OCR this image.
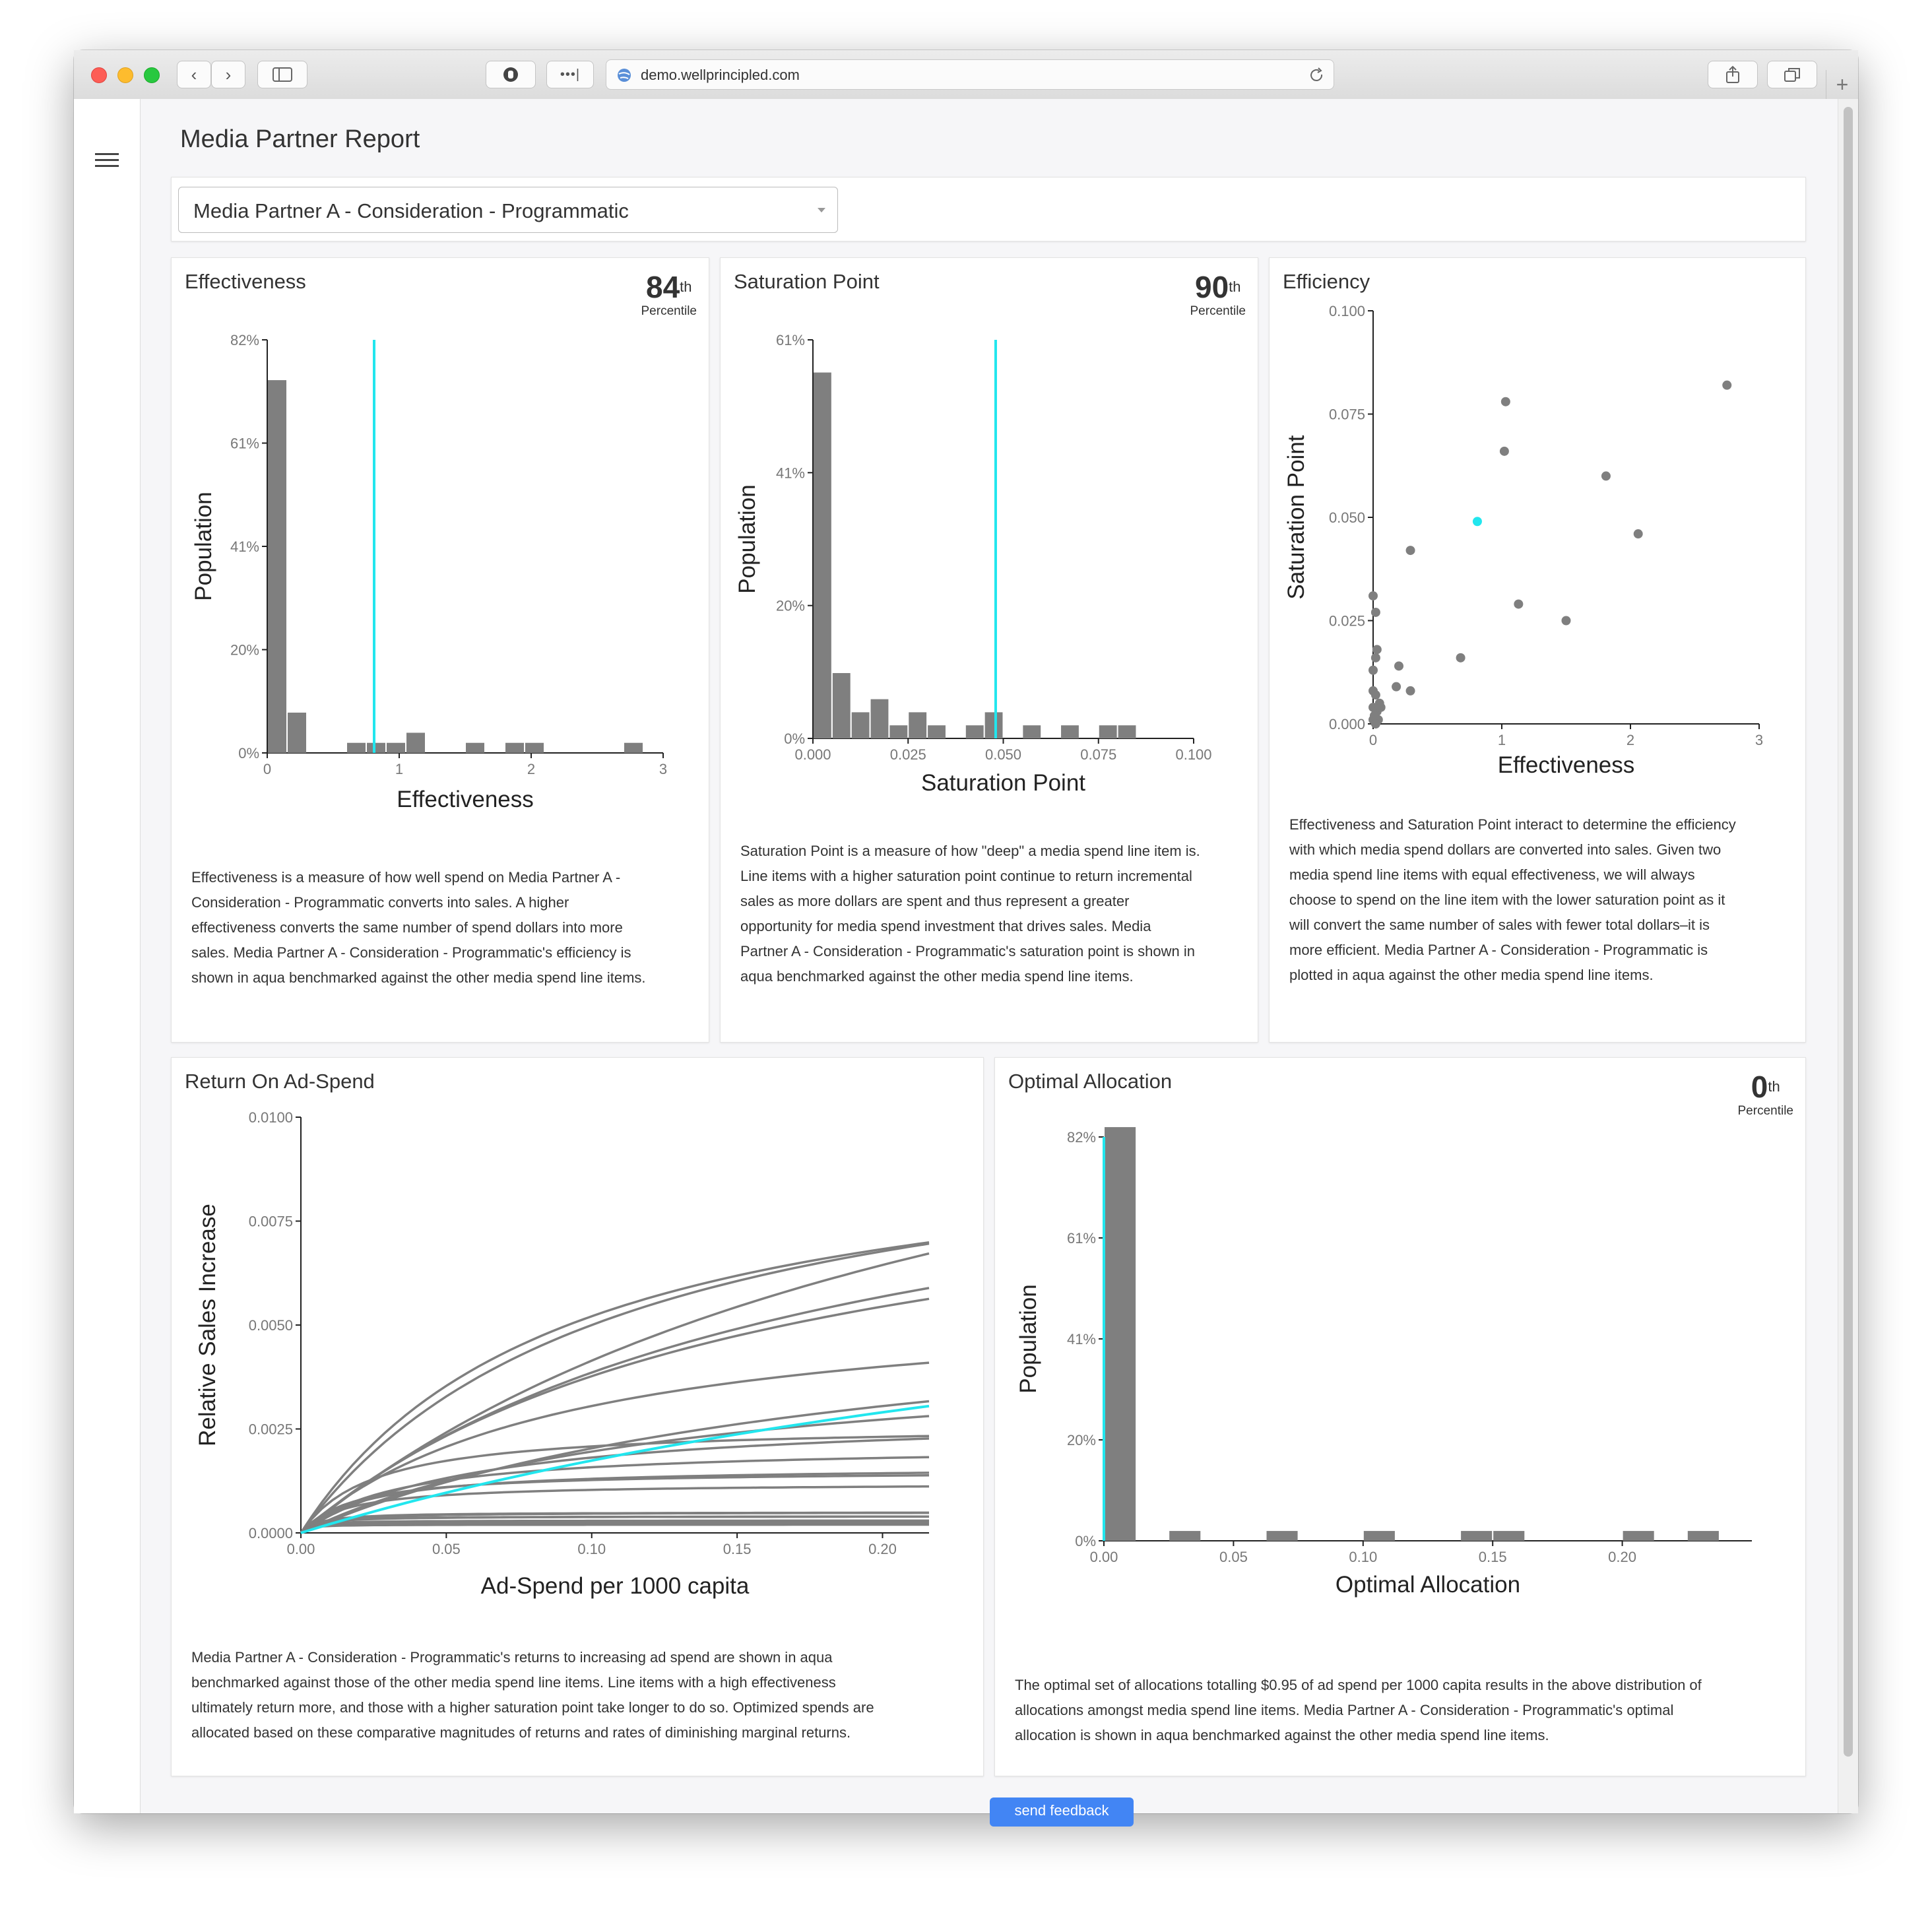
‹ ›	•••|	demo.wellprincipled.com	+
Media Partner Report
Media Partner A - Consideration - Programmatic
Effectiveness	84th
Percentile
0	1	2	3
0%
20%
41%
61%
82%
Effectiveness
Population
Effectiveness is a measure of how well spend on Media Partner A -
Consideration - Programmatic converts into sales. A higher
effectiveness converts the same number of spend dollars into more
sales. Media Partner A - Consideration - Programmatic's efficiency is
shown in aqua benchmarked against the other media spend line items.
Saturation Point	90th
Percentile
0.000	0.025	0.050	0.075	0.100
0%
20%
41%
61%
Saturation Point
Population
Saturation Point is a measure of how "deep" a media spend line item is.
Line items with a higher saturation point continue to return incremental
sales as more dollars are spent and thus represent a greater
opportunity for media spend investment that drives sales. Media
Partner A - Consideration - Programmatic's saturation point is shown in
aqua benchmarked against the other media spend line items.
Efficiency
0	1	2	3
0.000
0.025
0.050
0.075
0.100
Effectiveness
Saturation Point
Effectiveness and Saturation Point interact to determine the efficiency
with which media spend dollars are converted into sales. Given two
media spend line items with equal effectiveness, we will always
choose to spend on the line item with the lower saturation point as it
will convert the same number of sales with fewer total dollars–it is
more efficient. Media Partner A - Consideration - Programmatic is
plotted in aqua against the other media spend line items.
Return On Ad-Spend
0.00	0.05	0.10	0.15	0.20
0.0000
0.0025
0.0050
0.0075
0.0100
Ad-Spend per 1000 capita
Relative Sales Increase
Media Partner A - Consideration - Programmatic's returns to increasing ad spend are shown in aqua
benchmarked against those of the other media spend line items. Line items with a high effectiveness
ultimately return more, and those with a higher saturation point take longer to do so. Optimized spends are
allocated based on these comparative magnitudes of returns and rates of diminishing marginal returns.
Optimal Allocation	0th
Percentile
0.00	0.05	0.10	0.15	0.20
0%
20%
41%
61%
82%
Optimal Allocation
Population
The optimal set of allocations totalling $0.95 of ad spend per 1000 capita results in the above distribution of
allocations amongst media spend line items. Media Partner A - Consideration - Programmatic's optimal
allocation is shown in aqua benchmarked against the other media spend line items.
send feedback
